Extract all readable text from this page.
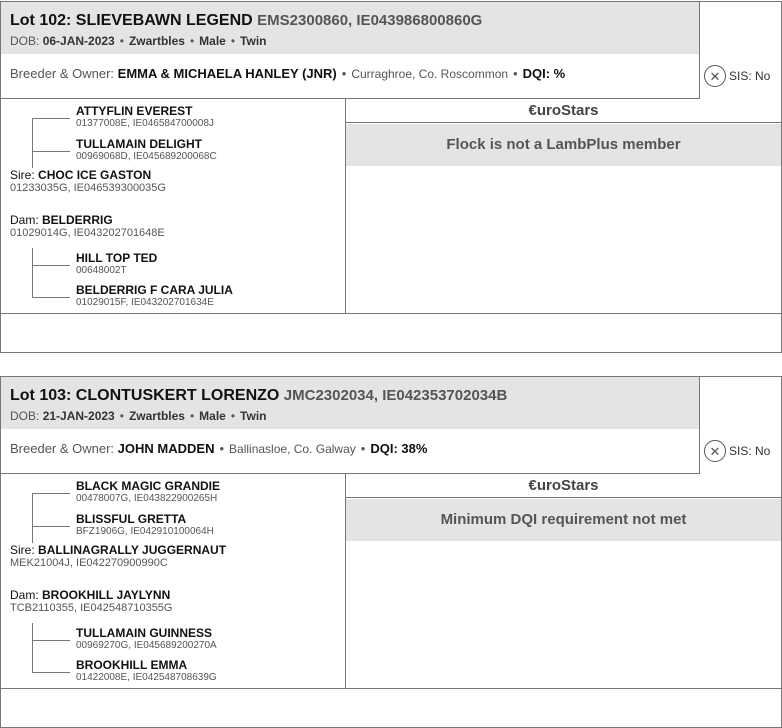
Lot 102: SLIEVEBAWN LEGEND EMS2300860, IE043986800860G
DOB: 06-JAN-2023 • Zwartbles • Male • Twin
Breeder & Owner: EMMA & MICHAELA HANLEY (JNR) • Curraghroe, Co. Roscommon • DQI: %	✕ SIS: No
ATTYFLIN EVEREST
01377008E, IE046584700008J
TULLAMAIN DELIGHT
00969068D, IE045689200068C
Sire: CHOC ICE GASTON
01233035G, IE046539300035G
Dam: BELDERRIG
01029014G, IE043202701648E
HILL TOP TED
00648002T
BELDERRIG F CARA JULIA
01029015F, IE043202701634E
€uroStars
Flock is not a LambPlus member
Lot 103: CLONTUSKERT LORENZO JMC2302034, IE042353702034B
DOB: 21-JAN-2023 • Zwartbles • Male • Twin
Breeder & Owner: JOHN MADDEN • Ballinasloe, Co. Galway • DQI: 38%	✕ SIS: No
BLACK MAGIC GRANDIE
00478007G, IE043822900265H
BLISSFUL GRETTA
BFZ1906G, IE042910100064H
Sire: BALLINAGRALLY JUGGERNAUT
MEK21004J, IE042270900990C
Dam: BROOKHILL JAYLYNN
TCB2110355, IE042548710355G
TULLAMAIN GUINNESS
00969270G, IE045689200270A
BROOKHILL EMMA
01422008E, IE042548708639G
€uroStars
Minimum DQI requirement not met
